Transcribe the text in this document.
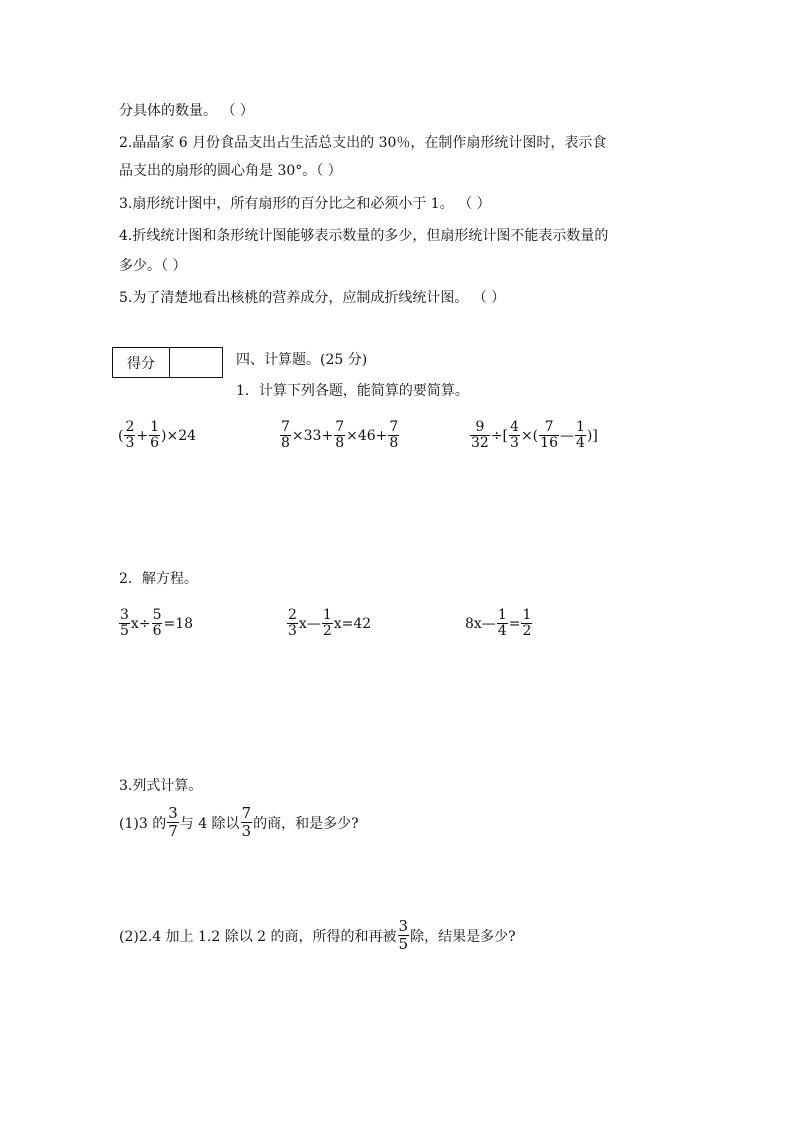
分具体的数量。 （ ）
2.晶晶家 6 月份食品支出占生活总支出的 30％，在制作扇形统计图时，表示食
品支出的扇形的圆心角是 30°。（ ）
3.扇形统计图中，所有扇形的百分比之和必须小于 1。 （ ）
4.折线统计图和条形统计图能够表示数量的多少，但扇形统计图不能表示数量的
多少。（ ）
5.为了清楚地看出核桃的营养成分，应制成折线统计图。 （ ）
得分	四、计算题。(25 分)
1．计算下列各题，能简算的要简算。
( $\frac{2}{3} + \frac{1}{6} )\times 24$	$\frac{7}{8} \times 33+ \frac{7}{8} \times 46+ \frac{7}{8}$	$\frac{9}{32}$ ÷[ $\frac{4}{3}$ ×( $\frac{7}{16}$ — $\frac{1}{4}$ )]
2．解方程。
$\frac{3}{5} x\div \frac{5}{6} =18$	$\frac{2}{3}$ x— $\frac{1}{2} x=42$	8x— $\frac{1}{4} = \frac{1}{2}$
3.列式计算。
(1)3 的 $\frac{3}{7}$ 与 4 除以 $\frac{7}{3}$ 的商，和是多少?
(2)2.4 加上 1.2 除以 2 的商，所得的和再被 $\frac{3}{5}$ 除，结果是多少?
